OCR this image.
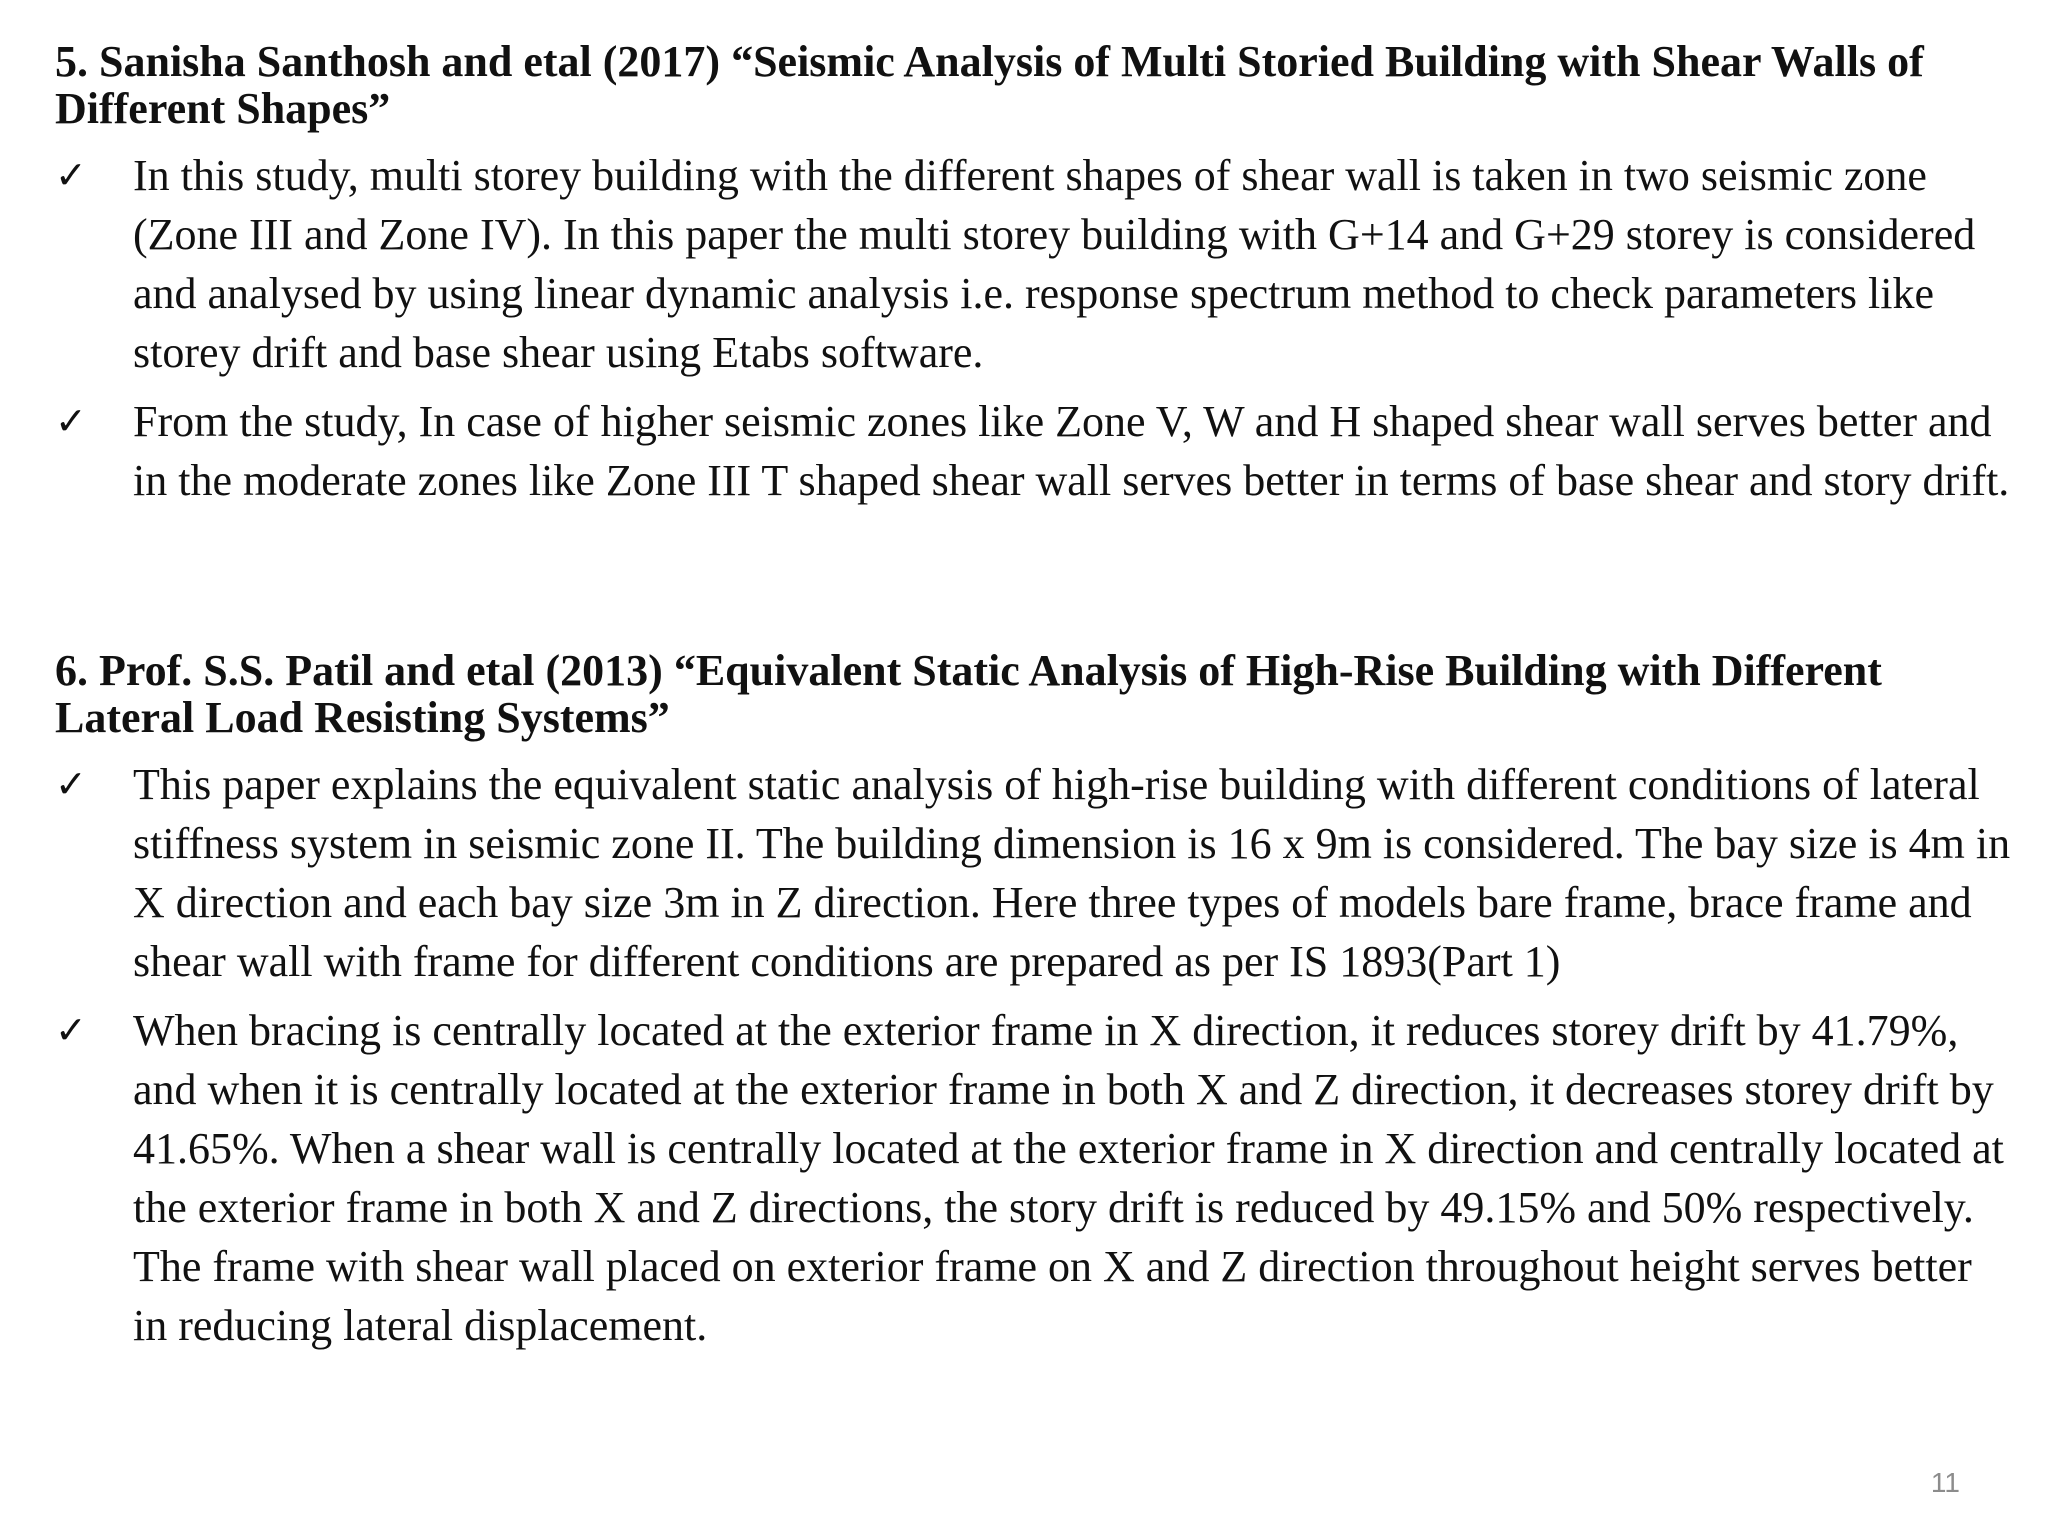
5. Sanisha Santhosh and etal (2017) “Seismic Analysis of Multi Storied Building with Shear Walls of Different Shapes”
✓ In this study, multi storey building with the different shapes of shear wall is taken in two seismic zone (Zone III and Zone IV). In this paper the multi storey building with G+14 and G+29 storey is considered and analysed by using linear dynamic analysis i.e. response spectrum method to check parameters like storey drift and base shear using Etabs software.
✓ From the study, In case of higher seismic zones like Zone V, W and H shaped shear wall serves better and in the moderate zones like Zone III T shaped shear wall serves better in terms of base shear and story drift.
6. Prof. S.S. Patil and etal (2013) “Equivalent Static Analysis of High-Rise Building with Different Lateral Load Resisting Systems”
✓ This paper explains the equivalent static analysis of high-rise building with different conditions of lateral stiffness system in seismic zone II. The building dimension is 16 x 9m is considered. The bay size is 4m in X direction and each bay size 3m in Z direction. Here three types of models bare frame, brace frame and shear wall with frame for different conditions are prepared as per IS 1893(Part 1)
✓ When bracing is centrally located at the exterior frame in X direction, it reduces storey drift by 41.79%, and when it is centrally located at the exterior frame in both X and Z direction, it decreases storey drift by 41.65%. When a shear wall is centrally located at the exterior frame in X direction and centrally located at the exterior frame in both X and Z directions, the story drift is reduced by 49.15% and 50% respectively. The frame with shear wall placed on exterior frame on X and Z direction throughout height serves better in reducing lateral displacement.
11
